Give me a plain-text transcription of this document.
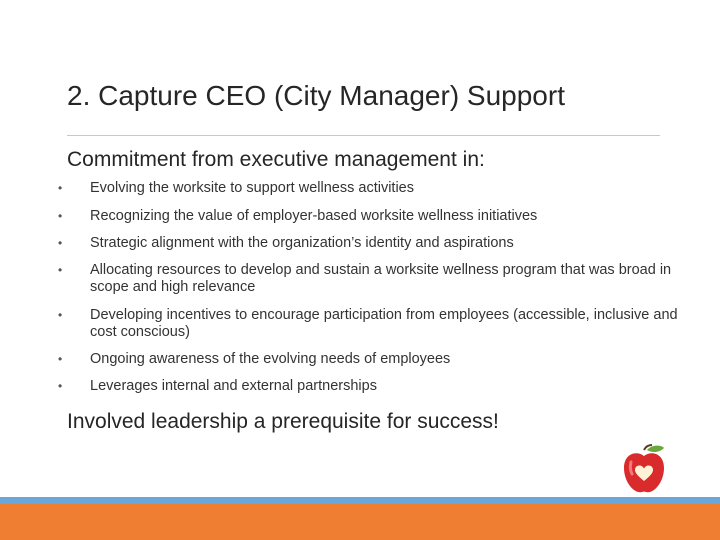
2. Capture CEO (City Manager) Support
Commitment from executive management in:
• Evolving the worksite to support wellness activities
• Recognizing the value of employer-based worksite wellness initiatives
• Strategic alignment with the organization’s identity and aspirations
• Allocating resources to develop and sustain a worksite wellness program that was broad in scope and high relevance
• Developing incentives to encourage participation from employees (accessible, inclusive and cost conscious)
• Ongoing awareness of the evolving needs of employees
• Leverages internal and external partnerships
Involved leadership a prerequisite for success!
